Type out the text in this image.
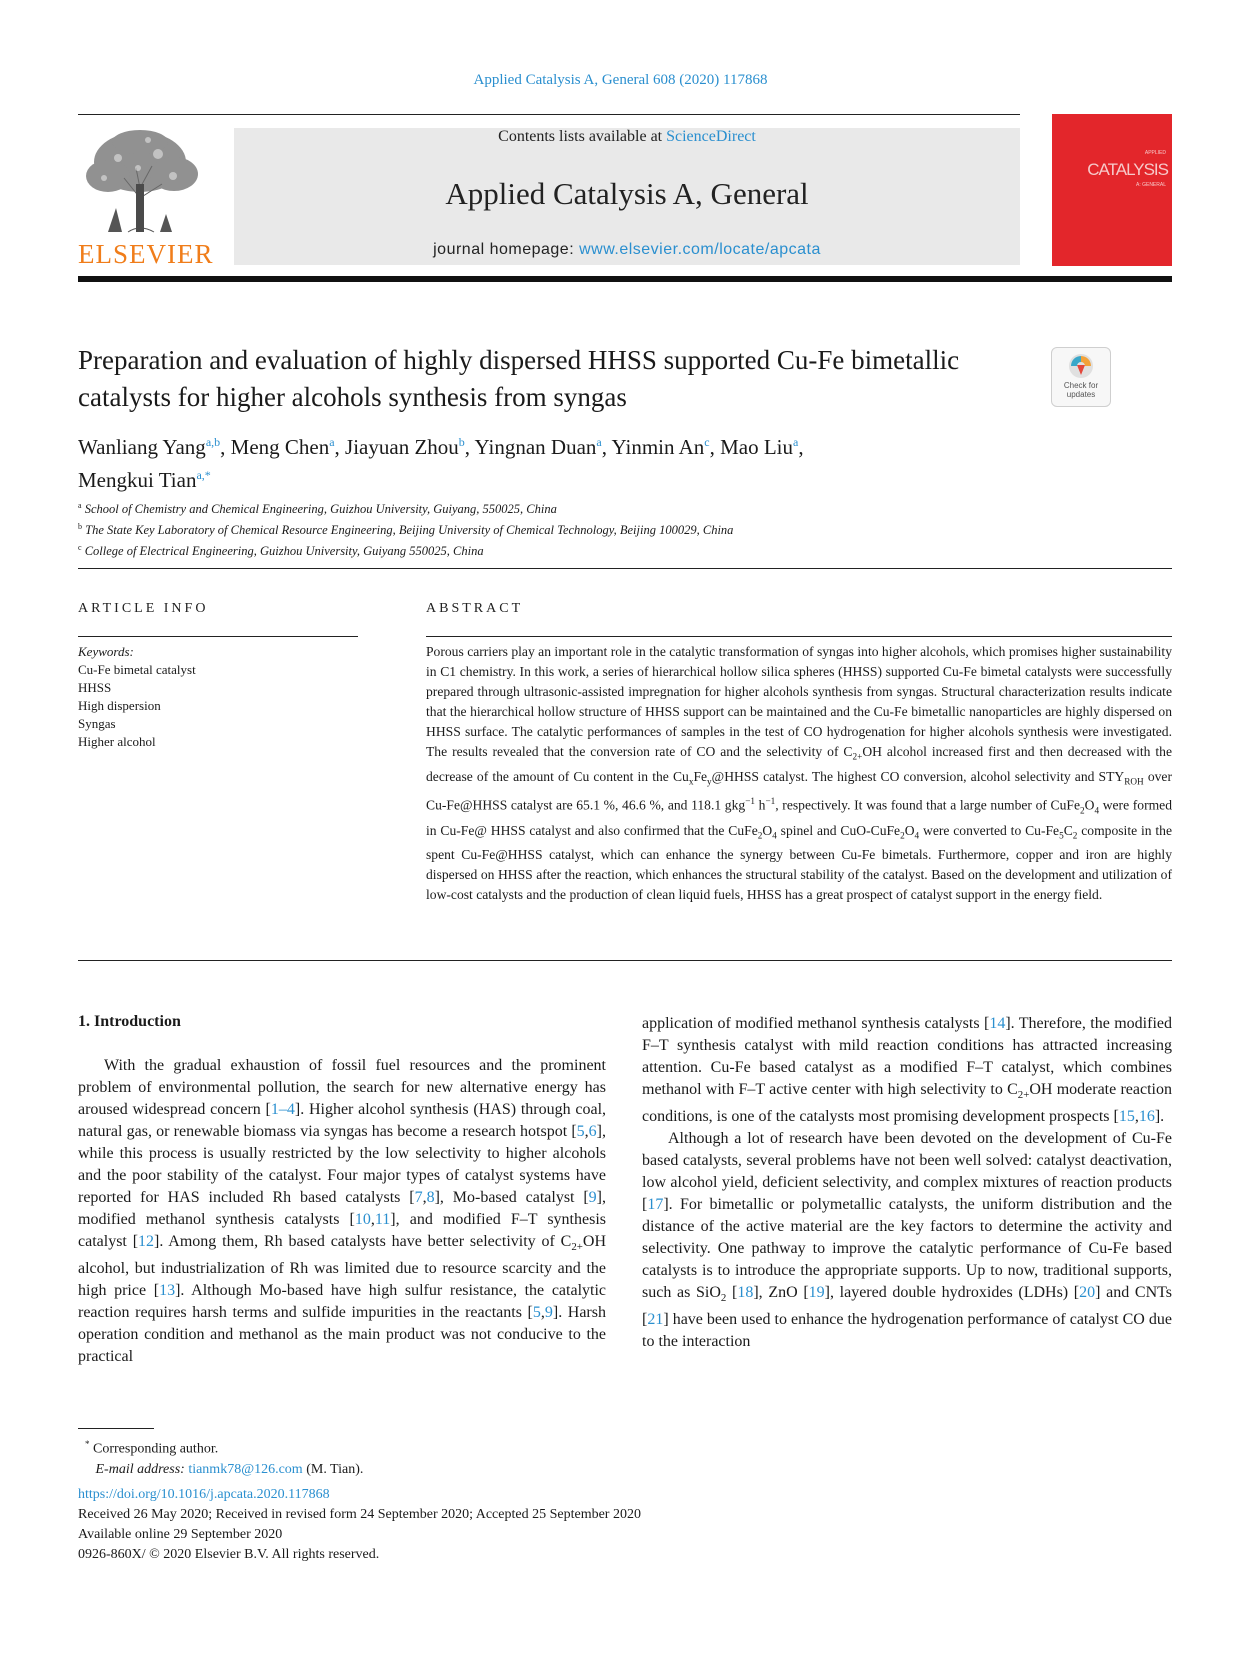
Applied Catalysis A, General 608 (2020) 117868
ELSEVIER
Contents lists available at ScienceDirect
Applied Catalysis A, General
journal homepage: www.elsevier.com/locate/apcata
APPLIED
CATALYSIS
A: GENERAL
Preparation and evaluation of highly dispersed HHSS supported Cu-Fe bimetallic catalysts for higher alcohols synthesis from syngas	Check for
updates
Wanliang Yang$^{a,b}$, Meng Chen$^a$, Jiayuan Zhou$^b$, Yingnan Duan$^a$, Yinmin An$^c$, Mao Liu$^a$,
Mengkui Tian$^{a,*}$
$^a$ School of Chemistry and Chemical Engineering, Guizhou University, Guiyang, 550025, China
$^b$ The State Key Laboratory of Chemical Resource Engineering, Beijing University of Chemical Technology, Beijing 100029, China
$^c$ College of Electrical Engineering, Guizhou University, Guiyang 550025, China
ARTICLE INFO
Keywords:
Cu-Fe bimetal catalyst
HHSS
High dispersion
Syngas
Higher alcohol
ABSTRACT
Porous carriers play an important role in the catalytic transformation of syngas into higher alcohols, which promises higher sustainability in C1 chemistry. In this work, a series of hierarchical hollow silica spheres (HHSS) supported Cu-Fe bimetal catalysts were successfully prepared through ultrasonic-assisted impregnation for higher alcohols synthesis from syngas. Structural characterization results indicate that the hierarchical hollow structure of HHSS support can be maintained and the Cu-Fe bimetallic nanoparticles are highly dispersed on HHSS surface. The catalytic performances of samples in the test of CO hydrogenation for higher alcohols synthesis were investigated. The results revealed that the conversion rate of CO and the selectivity of $C_{2+}OH$ alcohol increased first and then decreased with the decrease of the amount of Cu content in the $Cu_xFe_y@HHSS$ catalyst. The highest CO conversion, alcohol selectivity and $STY_{ROH}$ over Cu-Fe@HHSS catalyst are 65.1 %, 46.6 %, and 118.1 gkg$^{-1}$ $h^{-1}$, respectively. It was found that a large number of $CuFe_2O_4$ were formed in Cu-Fe@ HHSS catalyst and also confirmed that the $CuFe_2O_4$ spinel and CuO-$CuFe_2O_4$ were converted to $Cu-Fe_5C_2$ composite in the spent Cu-Fe@HHSS catalyst, which can enhance the synergy between Cu-Fe bimetals. Furthermore, copper and iron are highly dispersed on HHSS after the reaction, which enhances the structural stability of the catalyst. Based on the development and utilization of low-cost catalysts and the production of clean liquid fuels, HHSS has a great prospect of catalyst support in the energy field.
1. Introduction

With the gradual exhaustion of fossil fuel resources and the prominent problem of environmental pollution, the search for new alternative energy has aroused widespread concern [1–4]. Higher alcohol synthesis (HAS) through coal, natural gas, or renewable biomass via syngas has become a research hotspot [5,6], while this process is usually restricted by the low selectivity to higher alcohols and the poor stability of the catalyst. Four major types of catalyst systems have reported for HAS included Rh based catalysts [7,8], Mo-based catalyst [9], modified methanol synthesis catalysts [10,11], and modified F–T synthesis catalyst [12]. Among them, Rh based catalysts have better selectivity of $C_{2+}OH$ alcohol, but industrialization of Rh was limited due to resource scarcity and the high price [13]. Although Mo-based have high sulfur resistance, the catalytic reaction requires harsh terms and sulfide impurities in the reactants [5,9]. Harsh operation condition and methanol as the main product was not conducive to the practical

application of modified methanol synthesis catalysts [14]. Therefore, the modified F–T synthesis catalyst with mild reaction conditions has attracted increasing attention. Cu-Fe based catalyst as a modified F–T catalyst, which combines methanol with F–T active center with high selectivity to $C_{2+}OH$ moderate reaction conditions, is one of the catalysts most promising development prospects [15,16].

Although a lot of research have been devoted on the development of Cu-Fe based catalysts, several problems have not been well solved: catalyst deactivation, low alcohol yield, deficient selectivity, and complex mixtures of reaction products [17]. For bimetallic or polymetallic catalysts, the uniform distribution and the distance of the active material are the key factors to determine the activity and selectivity. One pathway to improve the catalytic performance of Cu-Fe based catalysts is to introduce the appropriate supports. Up to now, traditional supports, such as SiO$_2$ [18], ZnO [19], layered double hydroxides (LDHs) [20] and CNTs [21] have been used to enhance the hydrogenation performance of catalyst CO due to the interaction

* Corresponding author.
E-mail address: tianmk78@126.com (M. Tian).
https://doi.org/10.1016/j.apcata.2020.117868
Received 26 May 2020; Received in revised form 24 September 2020; Accepted 25 September 2020
Available online 29 September 2020
0926-860X/ © 2020 Elsevier B.V. All rights reserved.
